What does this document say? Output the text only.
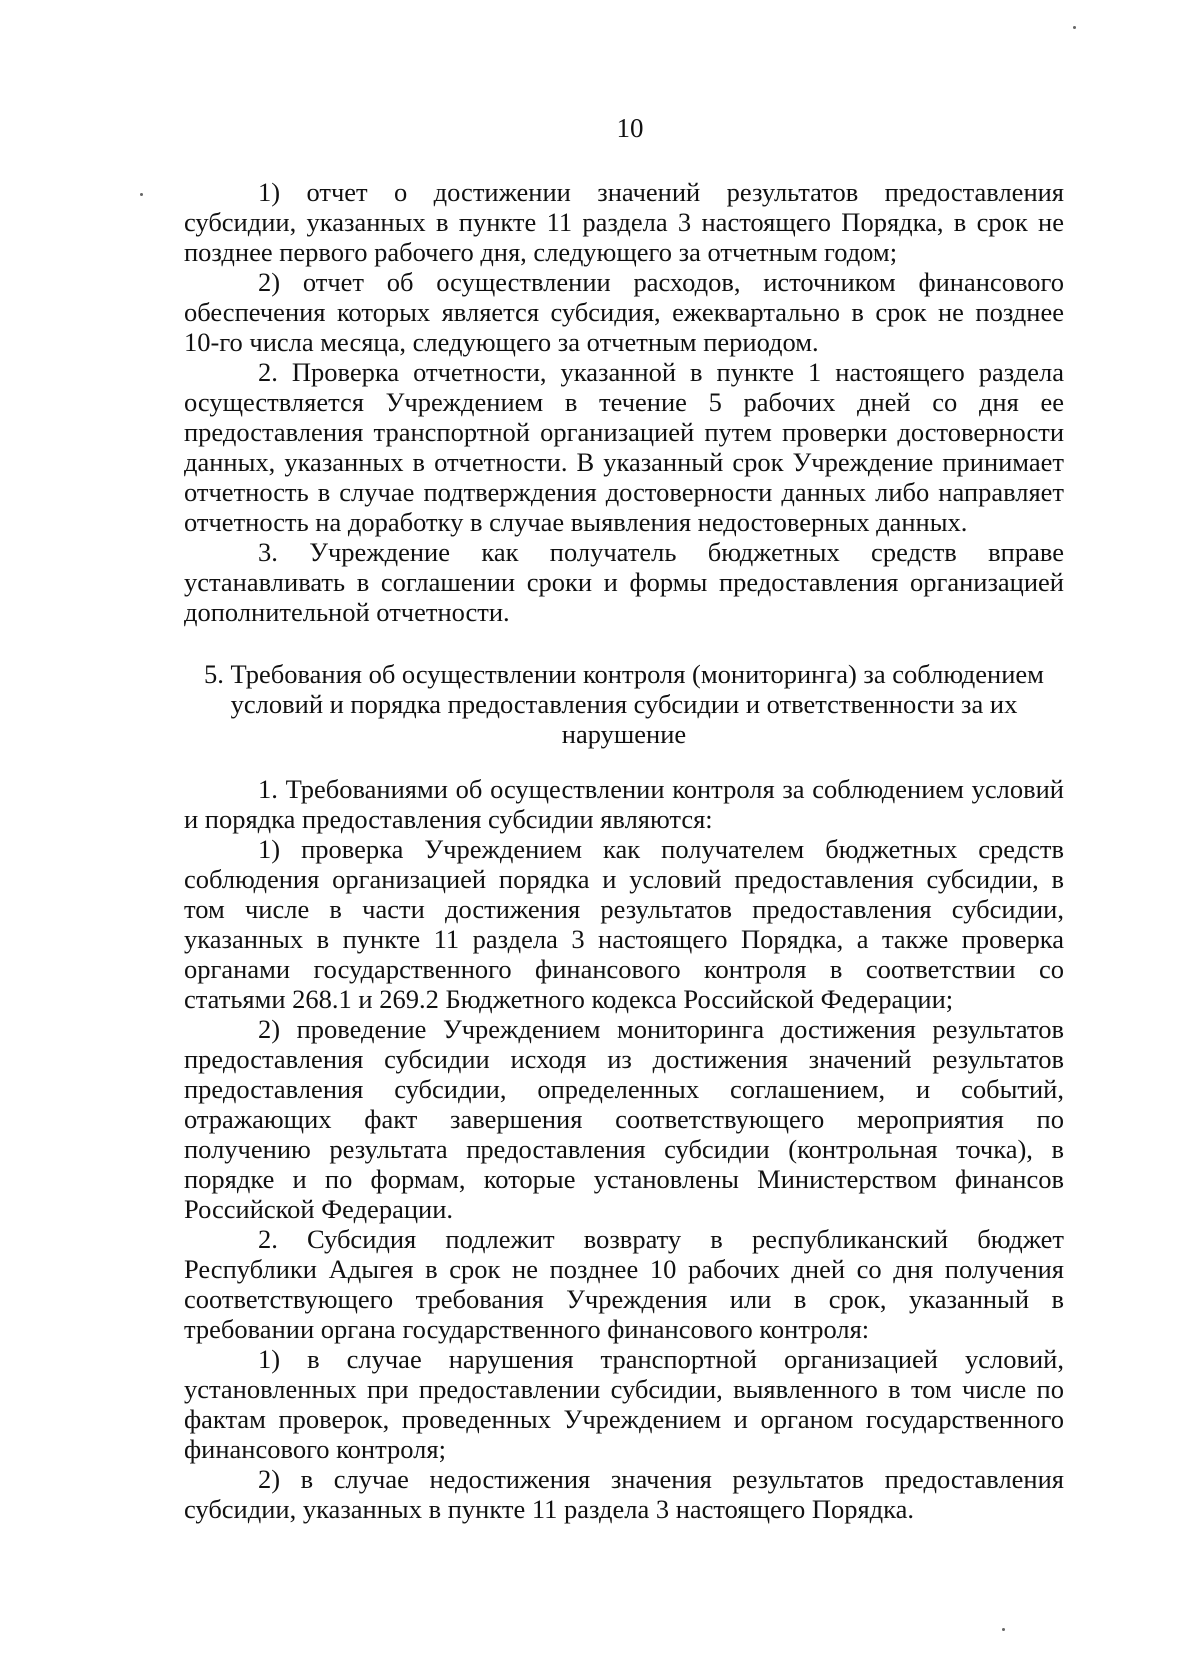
10

1) отчет о достижении значений результатов предоставления субсидии, указанных в пункте 11 раздела 3 настоящего Порядка, в срок не позднее первого рабочего дня, следующего за отчетным годом;

2) отчет об осуществлении расходов, источником финансового обеспечения которых является субсидия, ежеквартально в срок не позднее 10-го числа месяца, следующего за отчетным периодом.

2. Проверка отчетности, указанной в пункте 1 настоящего раздела осуществляется Учреждением в течение 5 рабочих дней со дня ее предоставления транспортной организацией путем проверки достоверности данных, указанных в отчетности. В указанный срок Учреждение принимает отчетность в случае подтверждения достоверности данных либо направляет отчетность на доработку в случае выявления недостоверных данных.

3. Учреждение как получатель бюджетных средств вправе устанавливать в соглашении сроки и формы предоставления организацией дополнительной отчетности.

5. Требования об осуществлении контроля (мониторинга) за соблюдением условий и порядка предоставления субсидии и ответственности за их нарушение

1. Требованиями об осуществлении контроля за соблюдением условий и порядка предоставления субсидии являются:

1) проверка Учреждением как получателем бюджетных средств соблюдения организацией порядка и условий предоставления субсидии, в том числе в части достижения результатов предоставления субсидии, указанных в пункте 11 раздела 3 настоящего Порядка, а также проверка органами государственного финансового контроля в соответствии со статьями 268.1 и 269.2 Бюджетного кодекса Российской Федерации;

2) проведение Учреждением мониторинга достижения результатов предоставления субсидии исходя из достижения значений результатов предоставления субсидии, определенных соглашением, и событий, отражающих факт завершения соответствующего мероприятия по получению результата предоставления субсидии (контрольная точка), в порядке и по формам, которые установлены Министерством финансов Российской Федерации.

2. Субсидия подлежит возврату в республиканский бюджет Республики Адыгея в срок не позднее 10 рабочих дней со дня получения соответствующего требования Учреждения или в срок, указанный в требовании органа государственного финансового контроля:

1) в случае нарушения транспортной организацией условий, установленных при предоставлении субсидии, выявленного в том числе по фактам проверок, проведенных Учреждением и органом государственного финансового контроля;

2) в случае недостижения значения результатов предоставления субсидии, указанных в пункте 11 раздела 3 настоящего Порядка.
